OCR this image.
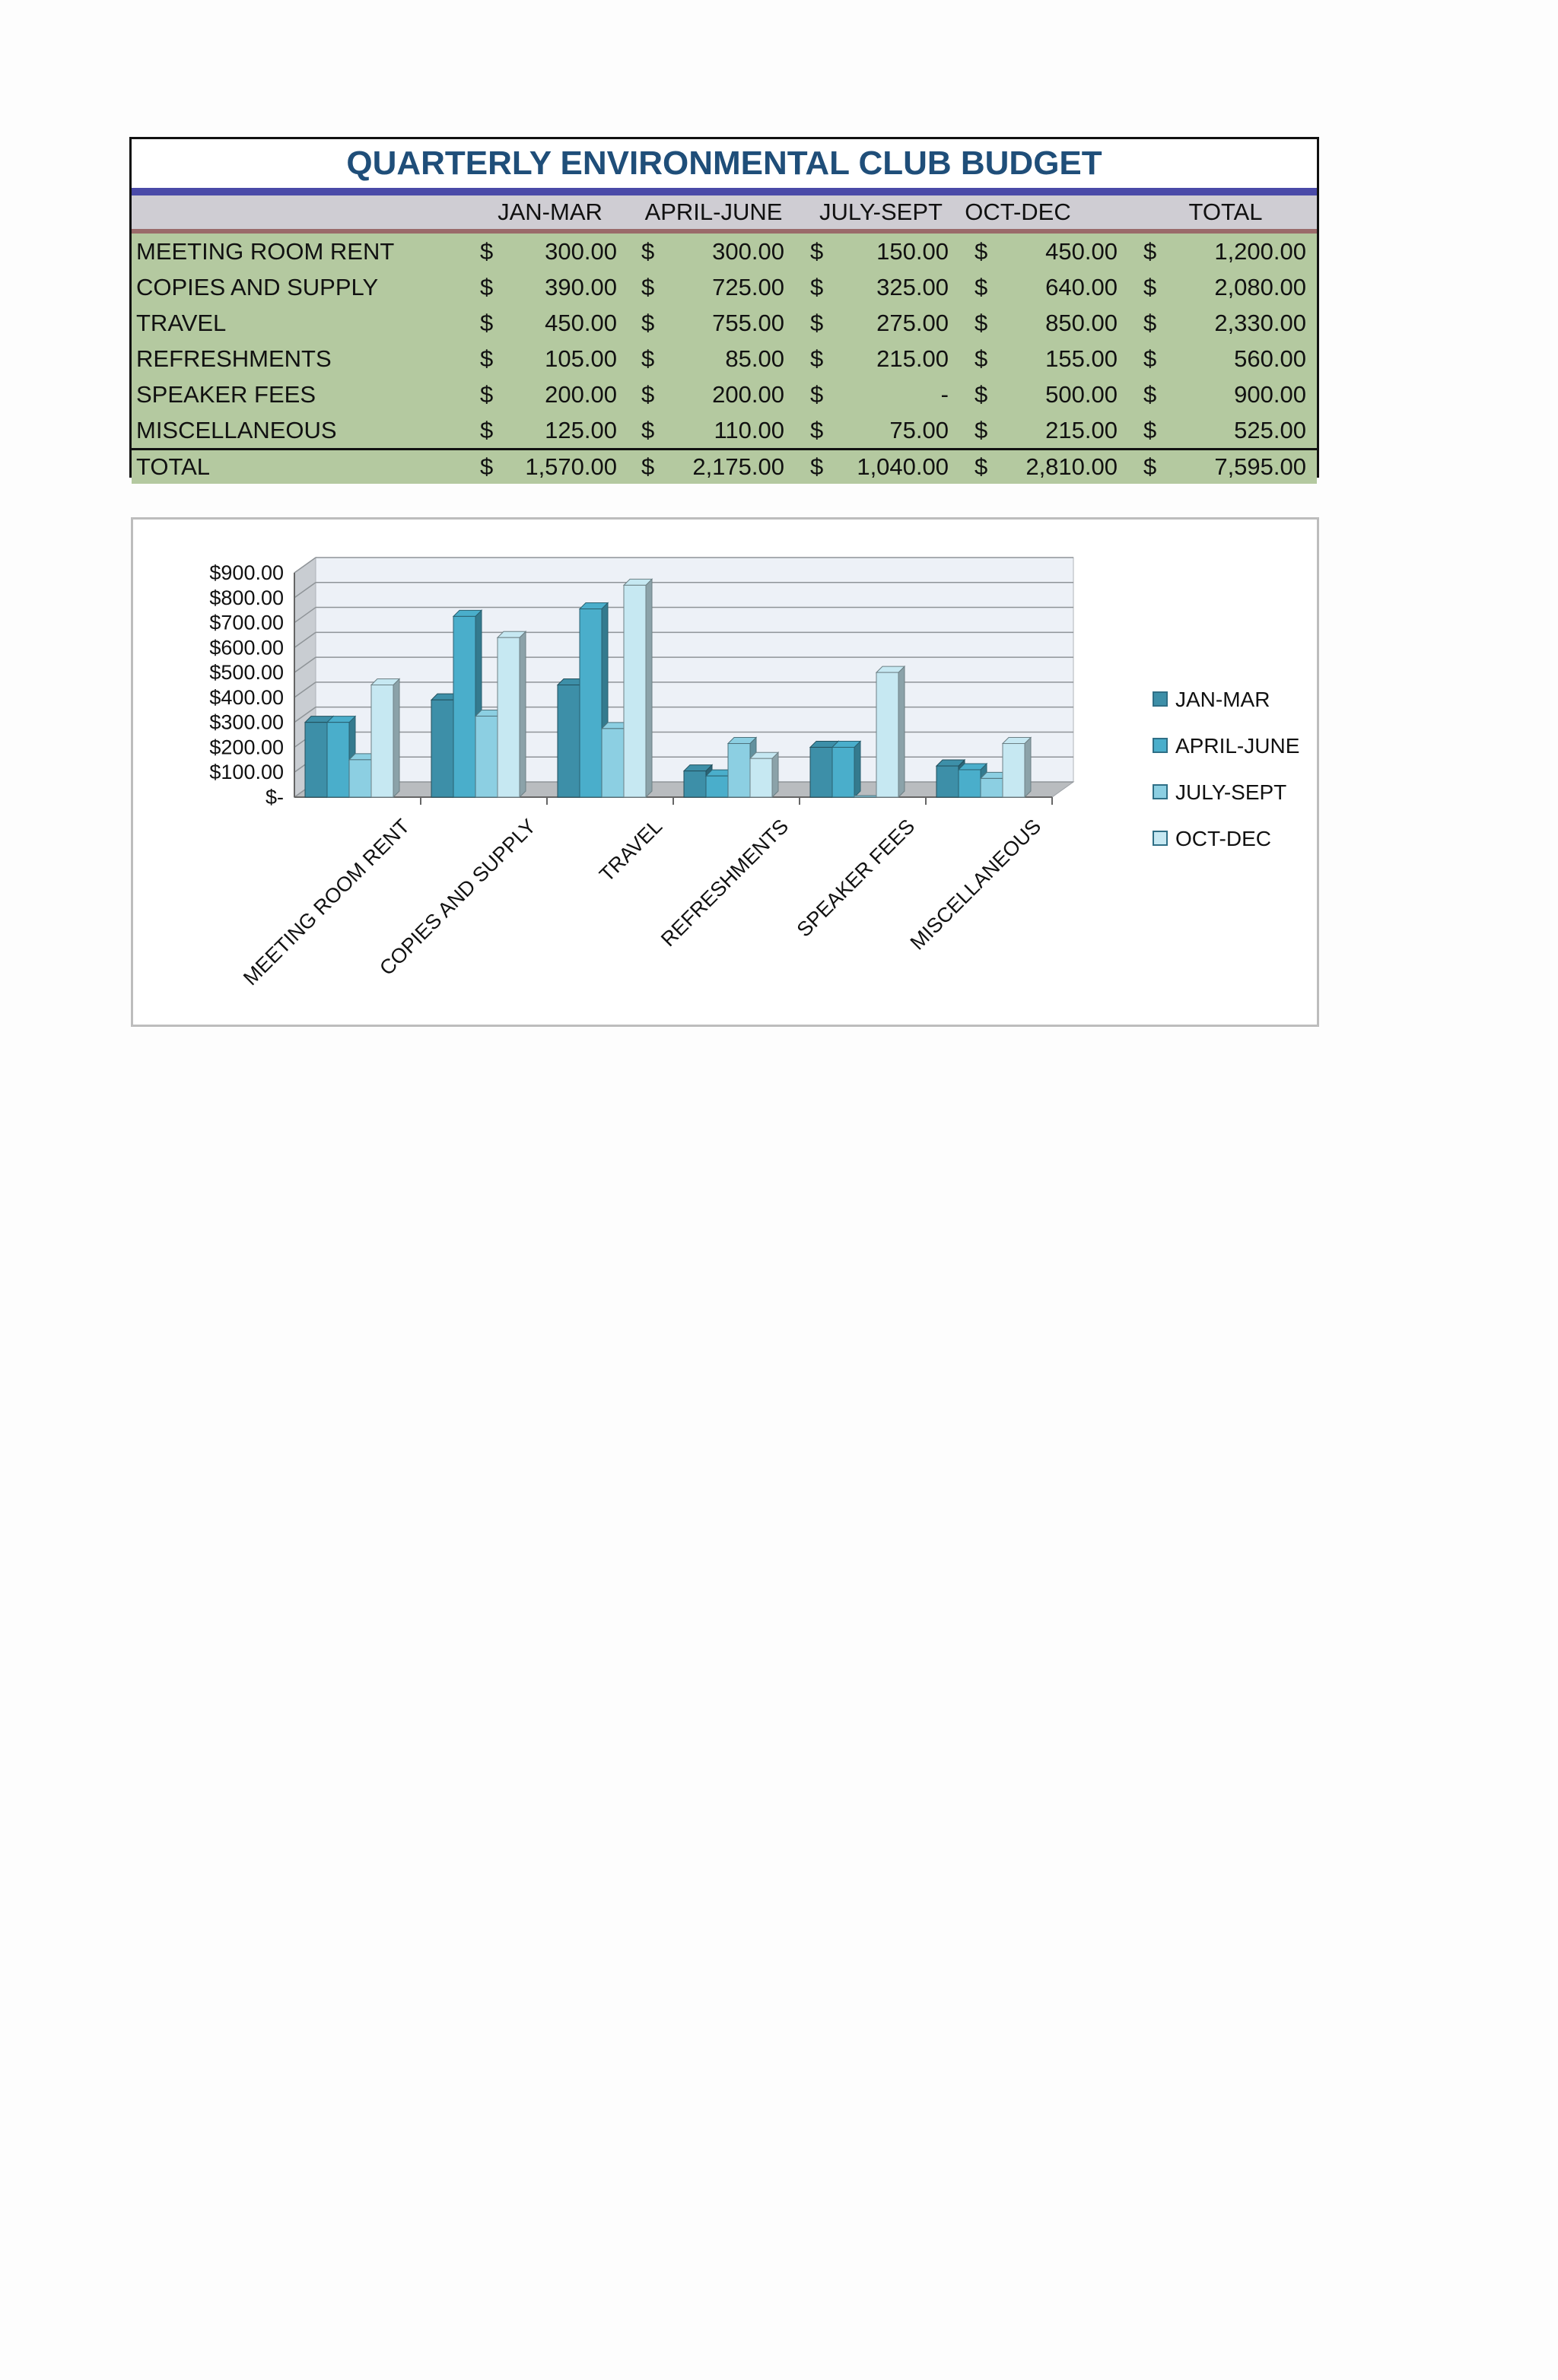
QUARTERLY ENVIRONMENTAL CLUB BUDGET
JAN-MAR APRIL-JUNE JULY-SEPT OCT-DEC	TOTAL
MEETING ROOM RENT	$ 300.00 $ 300.00 $ 150.00 $ 450.00 $ 1,200.00
COPIES AND SUPPLY	$ 390.00 $ 725.00 $ 325.00 $ 640.00 $ 2,080.00
TRAVEL	$ 450.00 $ 755.00 $ 275.00 $ 850.00 $ 2,330.00
REFRESHMENTS	$ 105.00 $	85.00 $ 215.00 $ 155.00 $	560.00
SPEAKER FEES	$ 200.00 $ 200.00 $	- $ 500.00 $	900.00
MISCELLANEOUS	$ 125.00 $	110.00 $	75.00 $ 215.00 $	525.00
TOTAL	$ 1,570.00 $ 2,175.00 $ 1,040.00 $ 2,810.00 $ 7,595.00
$-
$100.00
$200.00
$300.00
$400.00
$500.00
$600.00
$700.00
$800.00
$900.00
MEETING ROOM RENT
COPIES AND SUPPLY	TRAVEL
REFRESHMENTS SPEAKER FEES
MISCELLANEOUS
JAN-MAR
APRIL-JUNE
JULY-SEPT
OCT-DEC
